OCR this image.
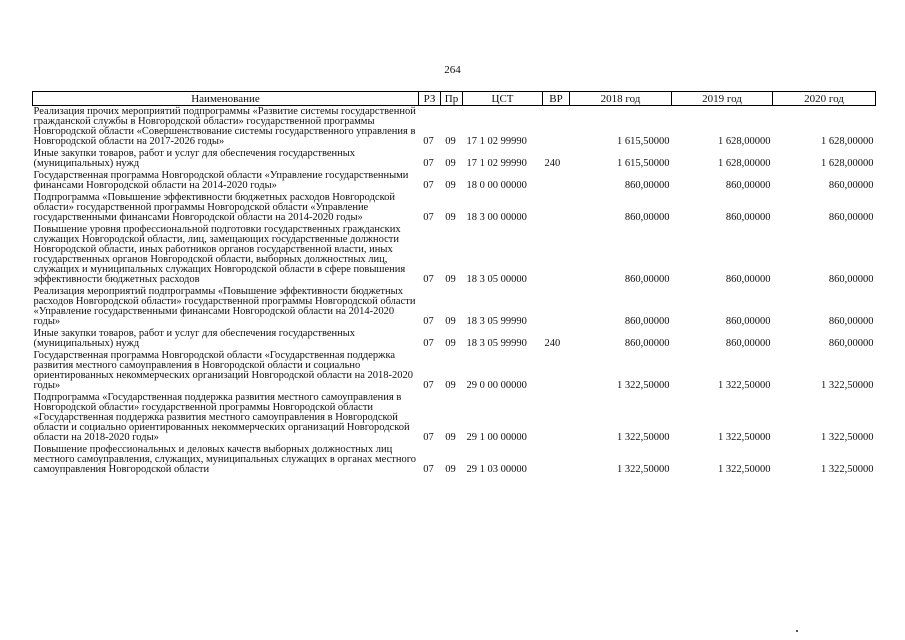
264
Наименование	РЗ	Пр	ЦСТ	ВР	2018 год	2019 год	2020 год
Реализация прочих мероприятий подпрограммы «Развитие системы государственной гражданской службы в Новгородской области» государственной программы Новгородской области «Совершенствование системы государственного управления в Новгородской области на 2017-2026 годы»	07	09	17 1 02 99990		1 615,50000	1 628,00000	1 628,00000
Иные закупки товаров, работ и услуг для обеспечения государственных (муниципальных) нужд	07	09	17 1 02 99990	240	1 615,50000	1 628,00000	1 628,00000
Государственная программа Новгородской области «Управление государственными финансами Новгородской области на 2014-2020 годы»	07	09	18 0 00 00000		860,00000	860,00000	860,00000
Подпрограмма «Повышение эффективности бюджетных расходов Новгородской области» государственной программы Новгородской области «Управление государственными финансами Новгородской области на 2014-2020 годы»	07	09	18 3 00 00000		860,00000	860,00000	860,00000
Повышение уровня профессиональной подготовки государственных гражданских служащих Новгородской области, лиц, замещающих государственные должности Новгородской области, иных работников органов государственной власти, иных государственных органов Новгородской области, выборных должностных лиц, служащих и муниципальных служащих Новгородской области в сфере повышения эффективности бюджетных расходов	07	09	18 3 05 00000		860,00000	860,00000	860,00000
Реализация мероприятий подпрограммы «Повышение эффективности бюджетных расходов Новгородской области» государственной программы Новгородской области «Управление государственными финансами Новгородской области на 2014-2020 годы»	07	09	18 3 05 99990		860,00000	860,00000	860,00000
Иные закупки товаров, работ и услуг для обеспечения государственных (муниципальных) нужд	07	09	18 3 05 99990	240	860,00000	860,00000	860,00000
Государственная программа Новгородской области «Государственная поддержка развития местного самоуправления в Новгородской области и социально ориентированных некоммерческих организаций Новгородской области на 2018-2020 годы»	07	09	29 0 00 00000		1 322,50000	1 322,50000	1 322,50000
Подпрограмма «Государственная поддержка развития местного самоуправления в Новгородской области» государственной программы Новгородской области «Государственная поддержка развития местного самоуправления в Новгородской области и социально ориентированных некоммерческих организаций Новгородской области на 2018-2020 годы»	07	09	29 1 00 00000		1 322,50000	1 322,50000	1 322,50000
Повышение профессиональных и деловых качеств выборных должностных лиц местного самоуправления, служащих, муниципальных служащих в органах местного самоуправления Новгородской области	07	09	29 1 03 00000		1 322,50000	1 322,50000	1 322,50000
